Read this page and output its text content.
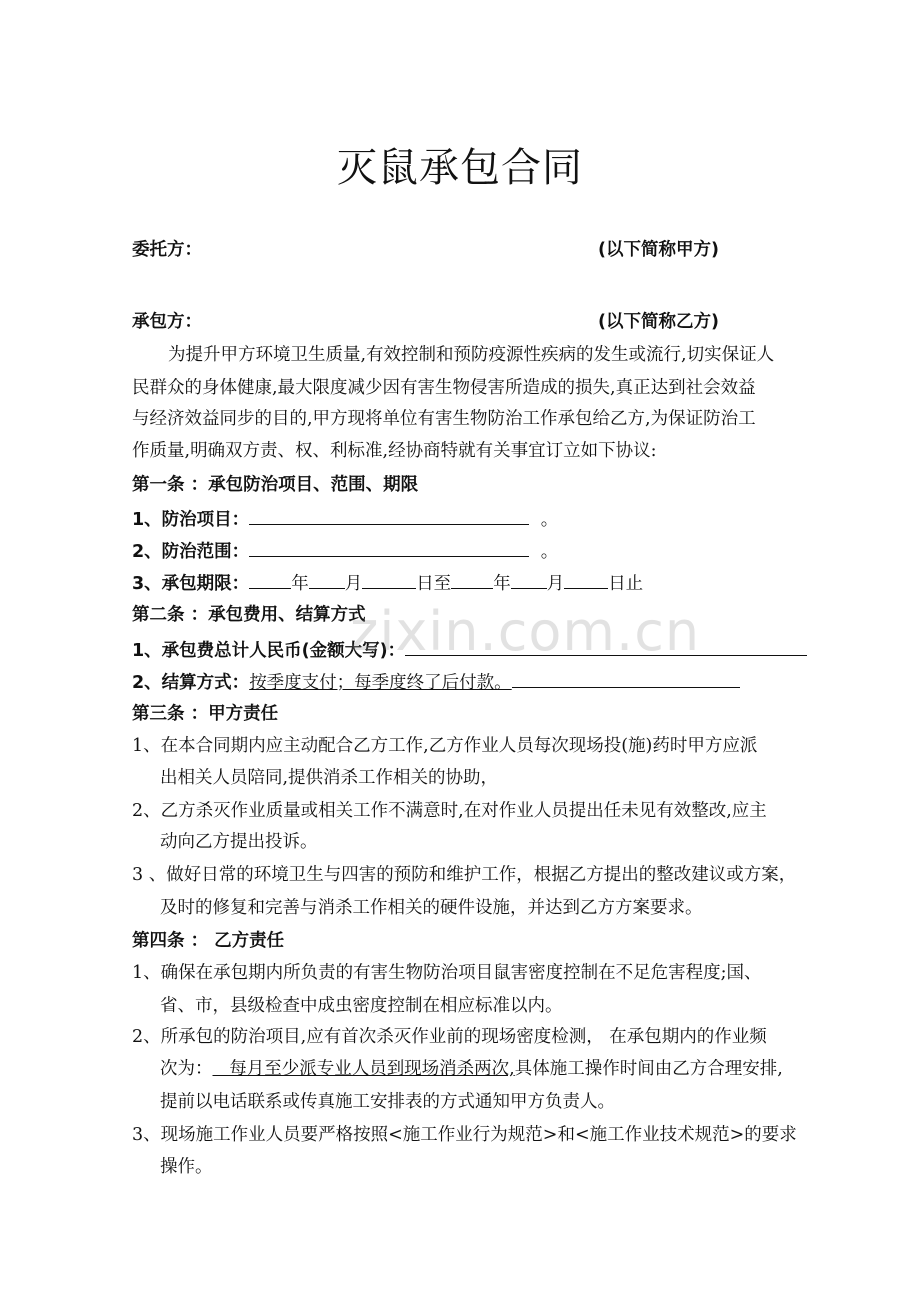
灭鼠承包合同
委托方：	(以下简称甲方)
承包方：	(以下简称乙方)
为提升甲方环境卫生质量,有效控制和预防疫源性疾病的发生或流行,切实保证人
民群众的身体健康,最大限度减少因有害生物侵害所造成的损失,真正达到社会效益
与经济效益同步的目的,甲方现将单位有害生物防治工作承包给乙方,为保证防治工
作质量,明确双方责、权、利标准,经协商特就有关事宜订立如下协议:
第一条 ：承包防治项目、范围、期限
1、防治项目：	。
2、防治范围：	。
3、承包期限： 年 月	日至 年 月	日止
第二条 ：承包费用、结算方式
1、承包费总计人民币(金额大写)：
2、结算方式：按季度支付；每季度终了后付款。
第三条 ：甲方责任
1、在本合同期内应主动配合乙方工作,乙方作业人员每次现场投(施)药时甲方应派
出相关人员陪同,提供消杀工作相关的协助，
2、乙方杀灭作业质量或相关工作不满意时,在对作业人员提出任未见有效整改,应主
动向乙方提出投诉。
3 、做好日常的环境卫生与四害的预防和维护工作，根据乙方提出的整改建议或方案，
及时的修复和完善与消杀工作相关的硬件设施，并达到乙方方案要求。
第四条 ： 乙方责任
1、确保在承包期内所负责的有害生物防治项目鼠害密度控制在不足危害程度;国、
省、市，县级检查中成虫密度控制在相应标准以内。
2、所承包的防治项目,应有首次杀灭作业前的现场密度检测， 在承包期内的作业频
次为：   每月至少派专业人员到现场消杀两次,具体施工操作时间由乙方合理安排,
提前以电话联系或传真施工安排表的方式通知甲方负责人。
3、现场施工作业人员要严格按照<施工作业行为规范>和<施工作业技术规范>的要求
操作。
zixin.com.cn
